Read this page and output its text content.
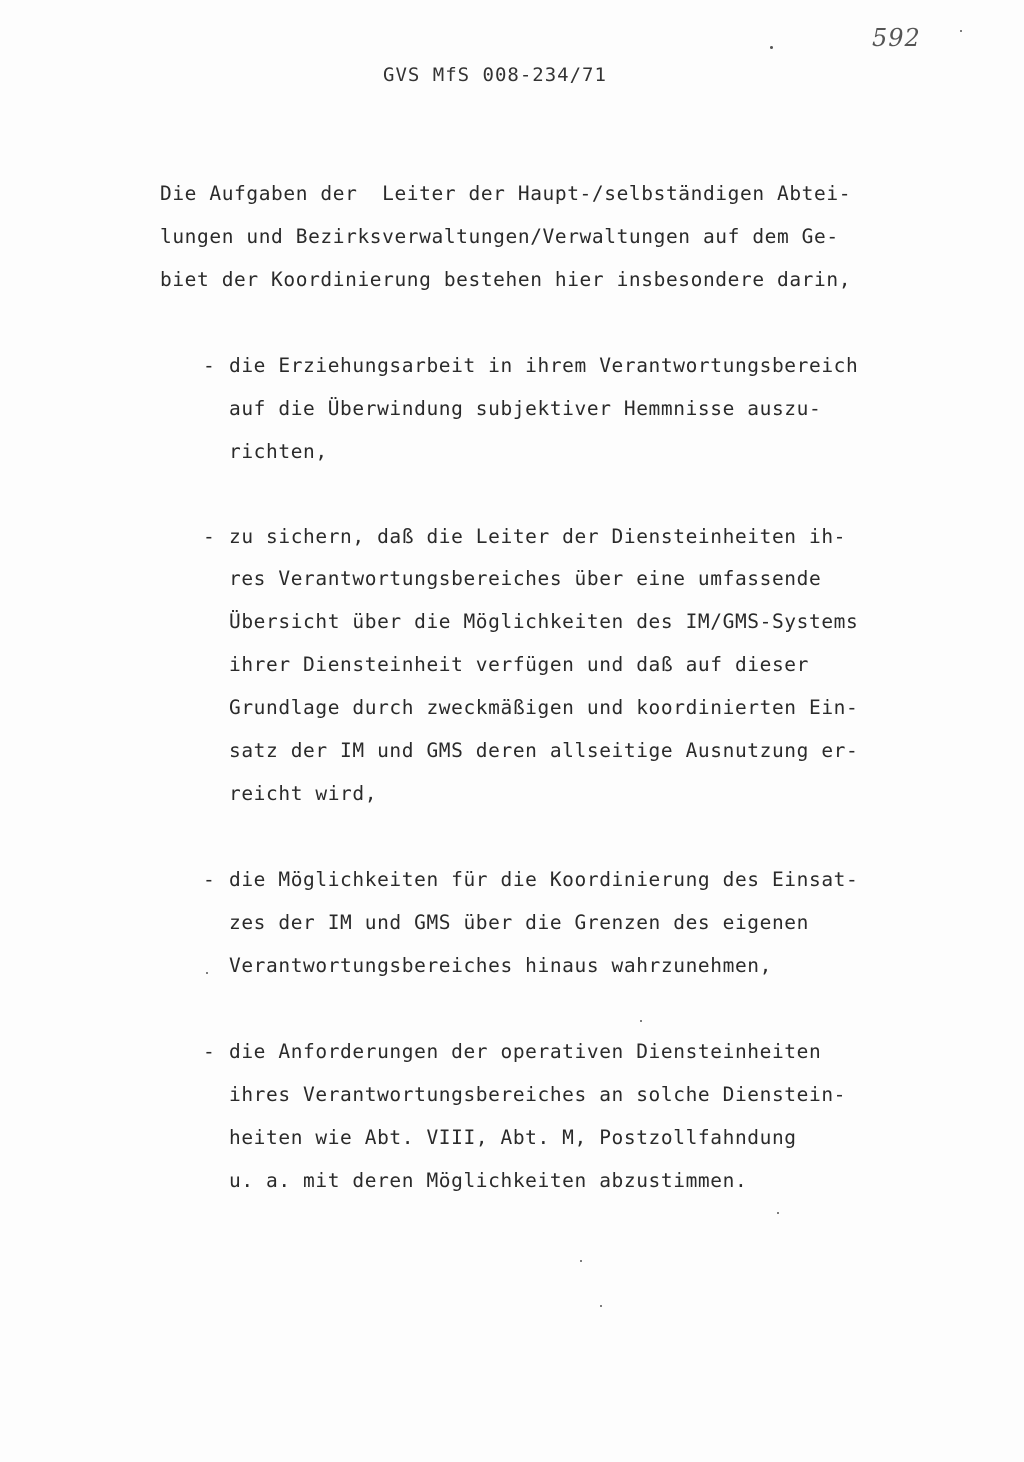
592
GVS MfS 008-234/71
Die Aufgaben der  Leiter der Haupt-/selbständigen Abtei-
lungen und Bezirksverwaltungen/Verwaltungen auf dem Ge-
biet der Koordinierung bestehen hier insbesondere darin,
- die Erziehungsarbeit in ihrem Verantwortungsbereich
auf die Überwindung subjektiver Hemmnisse auszu-
richten,
- zu sichern, daß die Leiter der Diensteinheiten ih-
res Verantwortungsbereiches über eine umfassende
Übersicht über die Möglichkeiten des IM/GMS-Systems
ihrer Diensteinheit verfügen und daß auf dieser
Grundlage durch zweckmäßigen und koordinierten Ein-
satz der IM und GMS deren allseitige Ausnutzung er-
reicht wird,
- die Möglichkeiten für die Koordinierung des Einsat-
zes der IM und GMS über die Grenzen des eigenen
Verantwortungsbereiches hinaus wahrzunehmen,
- die Anforderungen der operativen Diensteinheiten
ihres Verantwortungsbereiches an solche Dienstein-
heiten wie Abt. VIII, Abt. M, Postzollfahndung
u. a. mit deren Möglichkeiten abzustimmen.
